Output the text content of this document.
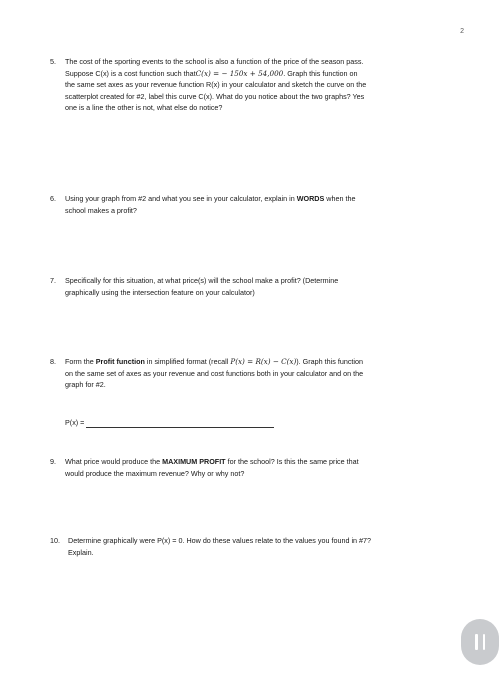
2
5. The cost of the sporting events to the school is also a function of the price of the season pass.
Suppose C(x) is a cost function such thatC(x) = − 150x + 54,000. Graph this function on
the same set axes as your revenue function R(x) in your calculator and sketch the curve on the
scatterplot created for #2, label this curve C(x). What do you notice about the two graphs? Yes
one is a line the other is not, what else do notice?
6. Using your graph from #2 and what you see in your calculator, explain in WORDS when the
school makes a profit?
7. Specifically for this situation, at what price(s) will the school make a profit? (Determine
graphically using the intersection feature on your calculator)
8. Form the Profit function in simplified format (recall P(x) = R(x) − C(x)). Graph this function
on the same set of axes as your revenue and cost functions both in your calculator and on the
graph for #2.
P(x) =
9. What price would produce the MAXIMUM PROFIT for the school? Is this the same price that
would produce the maximum revenue? Why or why not?
10. Determine graphically were P(x) = 0. How do these values relate to the values you found in #7?
Explain.
